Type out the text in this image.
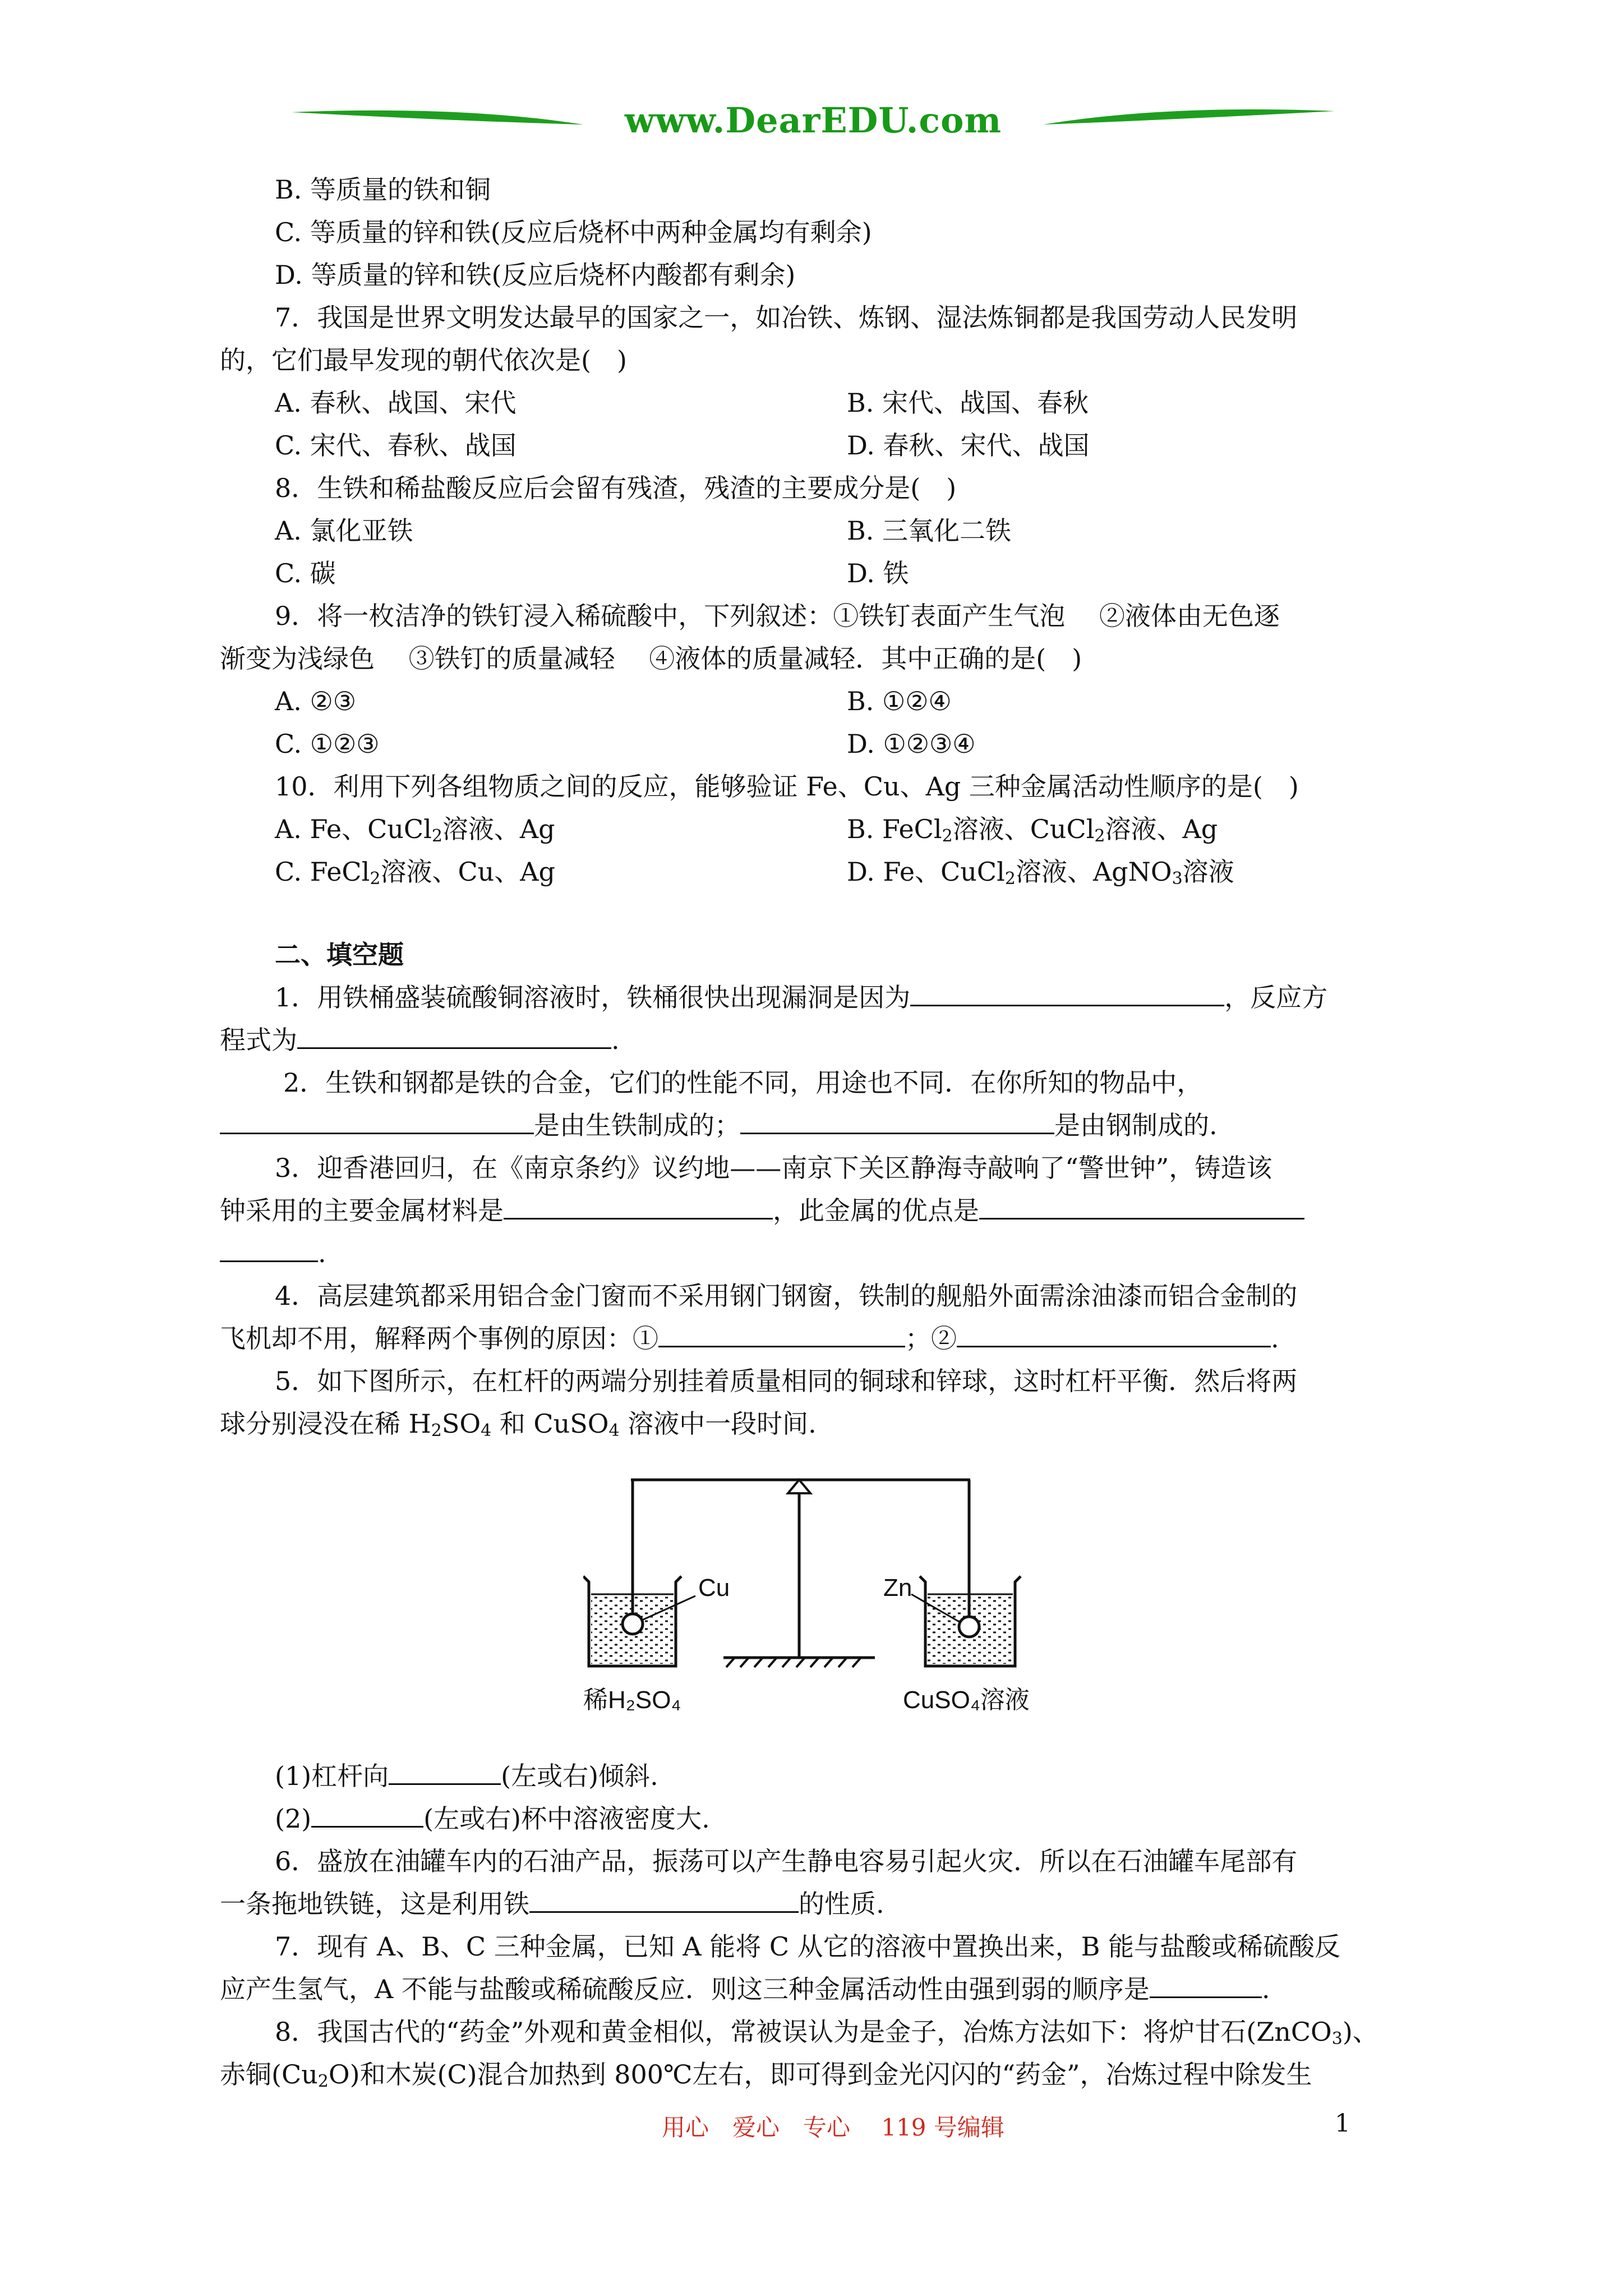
www.DearEDU.com
B. 等质量的铁和铜
C. 等质量的锌和铁(反应后烧杯中两种金属均有剩余)
D. 等质量的锌和铁(反应后烧杯内酸都有剩余)
7．我国是世界文明发达最早的国家之一，如冶铁、炼钢、湿法炼铜都是我国劳动人民发明
的，它们最早发现的朝代依次是(　)
A. 春秋、战国、宋代	B. 宋代、战国、春秋
C. 宋代、春秋、战国	D. 春秋、宋代、战国
8．生铁和稀盐酸反应后会留有残渣，残渣的主要成分是(　)
A. 氯化亚铁	B. 三氧化二铁
C. 碳	D. 铁
9．将一枚洁净的铁钉浸入稀硫酸中，下列叙述：①铁钉表面产生气泡　 ②液体由无色逐
渐变为浅绿色　 ③铁钉的质量减轻　 ④液体的质量减轻．其中正确的是(　)
A. ②③	B. ①②④
C. ①②③	D. ①②③④
10．利用下列各组物质之间的反应，能够验证 Fe、Cu、Ag 三种金属活动性顺序的是(　)
A. Fe、CuCl$_2$溶液、Ag	B. FeCl$_2$溶液、CuCl$_2$溶液、Ag
C. FeCl$_2$溶液、Cu、Ag	D. Fe、CuCl$_2$溶液、AgNO$_3$溶液
二、填空题
1．用铁桶盛装硫酸铜溶液时，铁桶很快出现漏洞是因为	，反应方
程式为	.
2．生铁和钢都是铁的合金，它们的性能不同，用途也不同．在你所知的物品中，
是由生铁制成的；	是由钢制成的.
3．迎香港回归，在《南京条约》议约地——南京下关区静海寺敲响了“警世钟”，铸造该
钟采用的主要金属材料是	，此金属的优点是
.
4．高层建筑都采用铝合金门窗而不采用钢门钢窗，铁制的舰船外面需涂油漆而铝合金制的
飞机却不用，解释两个事例的原因：①	；②	.
5．如下图所示，在杠杆的两端分别挂着质量相同的铜球和锌球，这时杠杆平衡．然后将两
球分别浸没在稀 $H_2SO_4$ 和 CuSO$_4$ 溶液中一段时间.
Cu
稀H₂SO₄
Zn
CuSO₄溶液
(1)杠杆向	(左或右)倾斜.
(2)	(左或右)杯中溶液密度大.
6．盛放在油罐车内的石油产品，振荡可以产生静电容易引起火灾．所以在石油罐车尾部有
一条拖地铁链，这是利用铁	的性质.
7．现有 A、B、C 三种金属，已知 A 能将 C 从它的溶液中置换出来，B 能与盐酸或稀硫酸反
应产生氢气，A 不能与盐酸或稀硫酸反应．则这三种金属活动性由强到弱的顺序是	.
8．我国古代的“药金”外观和黄金相似，常被误认为是金子，冶炼方法如下：将炉甘石(ZnCO$_3$)、
赤铜$(Cu_2O)$和木炭(C)混合加热到 800℃左右，即可得到金光闪闪的“药金”，冶炼过程中除发生
用心　爱心　专心　 119 号编辑	1
